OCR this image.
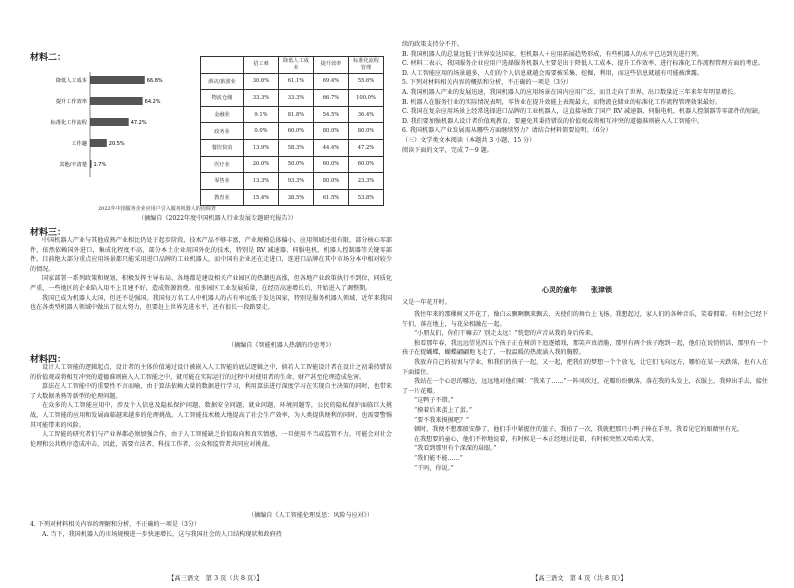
材料二：
降低人工成本	66.8%
提升工作效率	64.2%
标准化工作流程	47.2%
工作趣	20.5%
其他/不清楚 1.7%
	招工难	降低人工成本	提升效率	标准化流程管理
酒店/旅游业	30.6%	61.1%	69.4%	55.6%
物流仓储	33.3%	33.3%	66.7%	100.0%
金融业	9.1%	81.8%	54.5%	36.4%
政务业	0.0%	60.0%	80.0%	80.0%
餐饮快消	13.9%	58.3%	44.4%	47.2%
医疗业	20.0%	50.0%	60.0%	60.0%
零售业	13.3%	93.3%	80.0%	23.3%
教育业	15.4%	38.5%	61.5%	53.8%
2022年中国服务企业应用户引入服务机器人的因调查
（摘编自《2022年度中国机器人行业发展专题研究报告》）
材料三：

中国机器人产业与其他成熟产业相比仍处于起步阶段，技术产品不够丰富，产业规模总体偏小，应用领域还很有限，部分核心零部件，依然依赖国外进口，集成化程度不高，部分本土企业用国外化的技术，特别是 RV 减速器、伺服电机、机器人控制器等关键零部件。目前绝大部分重点应用场景都只能采用进口品牌的工业机器人，而中国有企业还在走进口，连进口品牌在其中市场分本中相对较少的情况。

国家部署一系列政策和规划，积极发挥主导布局、各地都是建设相关产业园区的热潮也高涨，但各地产业政策执行不到位，同质化严重，一些地区的企业陷入用不上且建不好，造成资源浪费。很多园区工业发展质量，在经历高速增长后，开始进入了调整期。

我国已成为机器人大国，但还不是强国。我国每万名工人中机器人的占有率远低于发达国家，特别是服务机器人领域，近年来我国也在各类型机器人领域中做出了很大努力，但要赶上世界先进水平，还有很长一段路要走。

（摘编自《智能机器人热潮的冷思考》）
材料四：

设计人工智能的逻辑起点，设计者的主体价值通过设计被嵌入人工智能的底层逻辑之中，倘若人工智能设计者在设计之初秉持错误的价值观或将相互冲突的道德准则嵌入人工智能之中，就可能在实际运行的过程中对使用者的生命、财产甚至伦理造成危害。

算法在人工智能中的重要性不言而喻，由于算法依赖大量的数据进行学习，利用算法进行深度学习在实现自主决策的同时，也带来了大数据杀熟等新型的伦理问题。

在众多的人工智能应用中，涉及个人信息及隐私保护问题、数据安全问题、就业问题、环境问题等，公民的隐私保护面临巨大挑战，人工智能的应用和发展面临越来越多的伦理挑战，人工智能技术极大地提高了社会生产效率，为人类提供便利的同时，也需要警惕其可能带来的风险。

人工智能的研究者们与产业界都必须加强合作，由于人工智能缺乏价值取向和真实情感，一旦使用不当或监管不力，可能会对社会伦理和公共秩序造成冲击，因此，需要立法者、科技工作者、公众和监管者共同应对挑战。

（摘编自《人工智能伦理反思：风险与应对》）

4. 下列对材料相关内容的理解和分析，不正确的一项是（3分）

A. 当下，我国机器人的市场规模进一步快速增长，这与我国社会的人口结构现状和政府持

【高三语文　第 3 页（共 8 页）】

续的政策支持分不开。

B. 我国机器人的总量远低于世界发达国家，但机器人＋应用拓展趋势形成，有些机器人的水平已达到先进行列。

C. 材料二表示，我国服务企业应用户选择服务机器人主要是出于降低人工成本、提升工作效率、进行标准化工作流程管理方面的考虑。

D. 人工智能应用的场景越多，人们的个人信息就越会需要被采集、挖掘，利用，而这些信息就越有可能被泄露。

5. 下列对材料相关内容的概括和分析，不正确的一项是（3分）

A. 我国机器人产业的发展迅速，我国机器人的应用场景在国内应用广泛，而且走向了世界，出口数量近三年来年年明显增长。

B. 机器人在服务行业的实际情况表明，零售业在提升效能上表现最大，而物流仓储业的标准化工作流程管理效果最好。

C. 我国在复杂应用场景上经常选择进口品牌的工业机器人，这直接导致了国产 RV 减速器、伺服电机、机器人控制器等零部件的短缺。

D. 我们要加强机器人设计者价值观教育，要避免其秉持错误的价值观或将相互冲突的道德准则嵌入人工智能中。

6. 我国机器人产业发展需从哪些方面继续努力？请结合材料简要说明。（6分）

（三）文学类文本阅读（本题共 3 小题，15 分）

阅读下面的文字，完成 7～9 题。

心灵的童年　　张津锁

又是一年花开时。

我往年来的那棵树又开花了，像白云飘啊飘来飘去，天使们的舞台上飞扬。我想起过，家人们的各种音乐，笑着拥着。有时会已经下午们，落在地上，与花朵相融在一起。

“小朋友们，你们干嘛去？别走太远！”恍惚的声音从我的身后传来。

独看那年春，我远远望见四五个孩子正在树荫下追逐嬉戏，那笑声真清脆，那里有两个孩子跑到一起，他们在说悄悄话，那里有一个孩子在捉蝴蝶，蝴蝶翩翩地飞走了，一股温暖的热流涌入我的胸膛。

我放弃自己的初衷与学业，和我们的孩子一起，又一起，把我们的梦想一个个放飞，让它们飞向远方，哪怕在某一天跌落，也有人在下面接住。

我站在一个心思的哪边，远远地对他们喊：“我来了……”一阵风吹过，花瓣纷纷飘落，落在我的头发上，衣服上，我伸出手去，接住了一片花瓣。

“这鸭子不错。”

“摸着后来蛋上了蛋。”

“要不我来摸摸吧？”

顿时，我便不想那般安静了，他们手中紧握住的篮子，我拍了一次，我就把那只小鸭子捧在手里，我看见它的眼睛里有光。

在我想要的童心，他们不停地说着，有时候是一本正经地讨论着，有时候突然又哈哈大笑。

“我看到那里有个深深的泉眼。”

“我们能不能……”

“干吗，你说。”

【高三语文　第 4 页（共 8 页）】
